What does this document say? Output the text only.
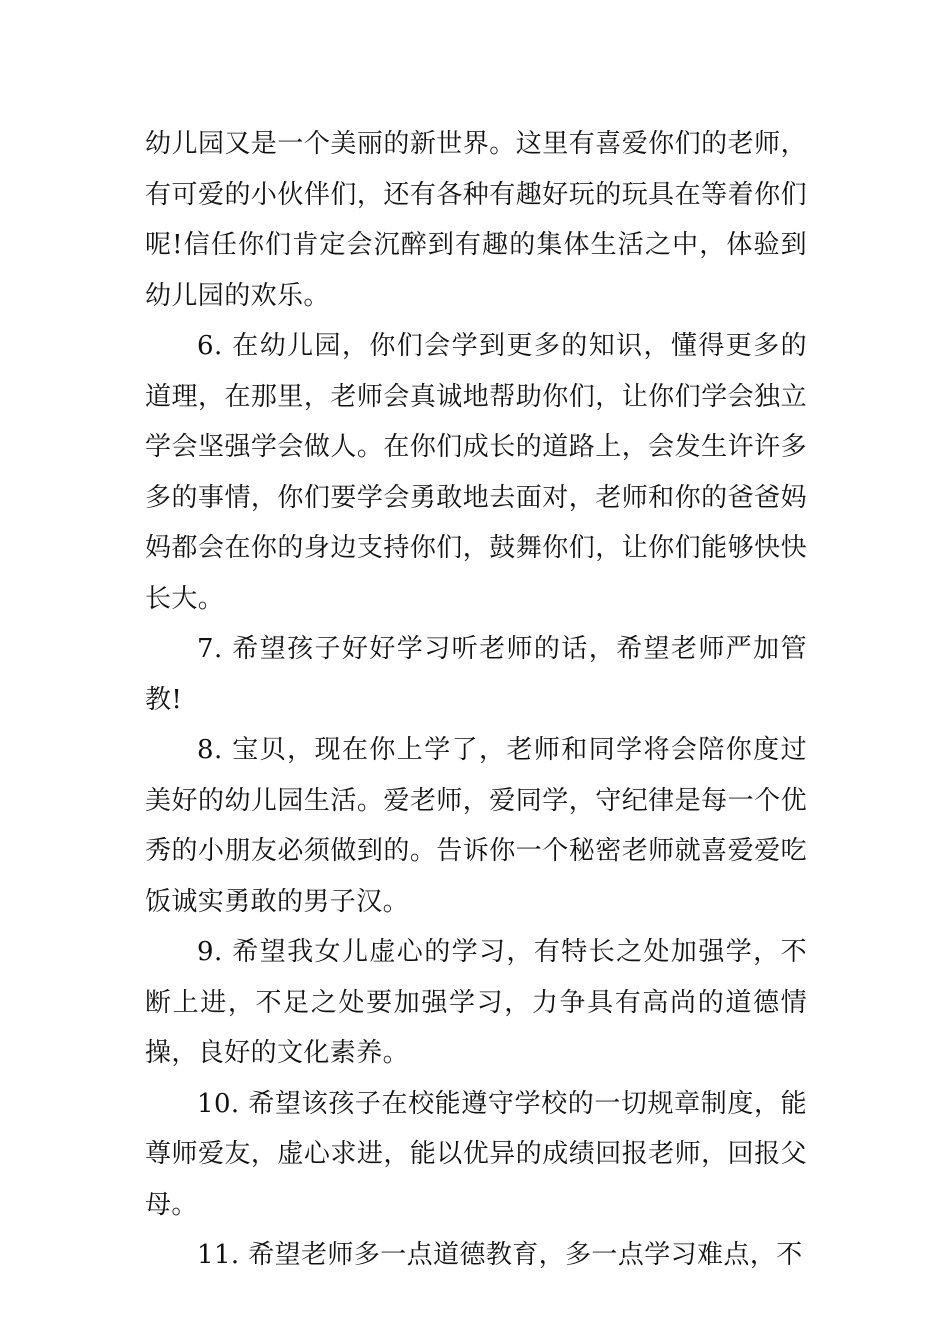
幼儿园又是一个美丽的新世界。这里有喜爱你们的老师，有可爱的小伙伴们，还有各种有趣好玩的玩具在等着你们呢!信任你们肯定会沉醉到有趣的集体生活之中，体验到幼儿园的欢乐。

6. 在幼儿园，你们会学到更多的知识，懂得更多的道理，在那里，老师会真诚地帮助你们，让你们学会独立学会坚强学会做人。在你们成长的道路上，会发生许许多多的事情，你们要学会勇敢地去面对，老师和你的爸爸妈妈都会在你的身边支持你们，鼓舞你们，让你们能够快快长大。

7. 希望孩子好好学习听老师的话，希望老师严加管教!

8. 宝贝，现在你上学了，老师和同学将会陪你度过美好的幼儿园生活。爱老师，爱同学，守纪律是每一个优秀的小朋友必须做到的。告诉你一个秘密老师就喜爱爱吃饭诚实勇敢的男子汉。

9. 希望我女儿虚心的学习，有特长之处加强学，不断上进，不足之处要加强学习，力争具有高尚的道德情操，良好的文化素养。

10. 希望该孩子在校能遵守学校的一切规章制度，能尊师爱友，虚心求进，能以优异的成绩回报老师，回报父母。

11. 希望老师多一点道德教育，多一点学习难点，不
